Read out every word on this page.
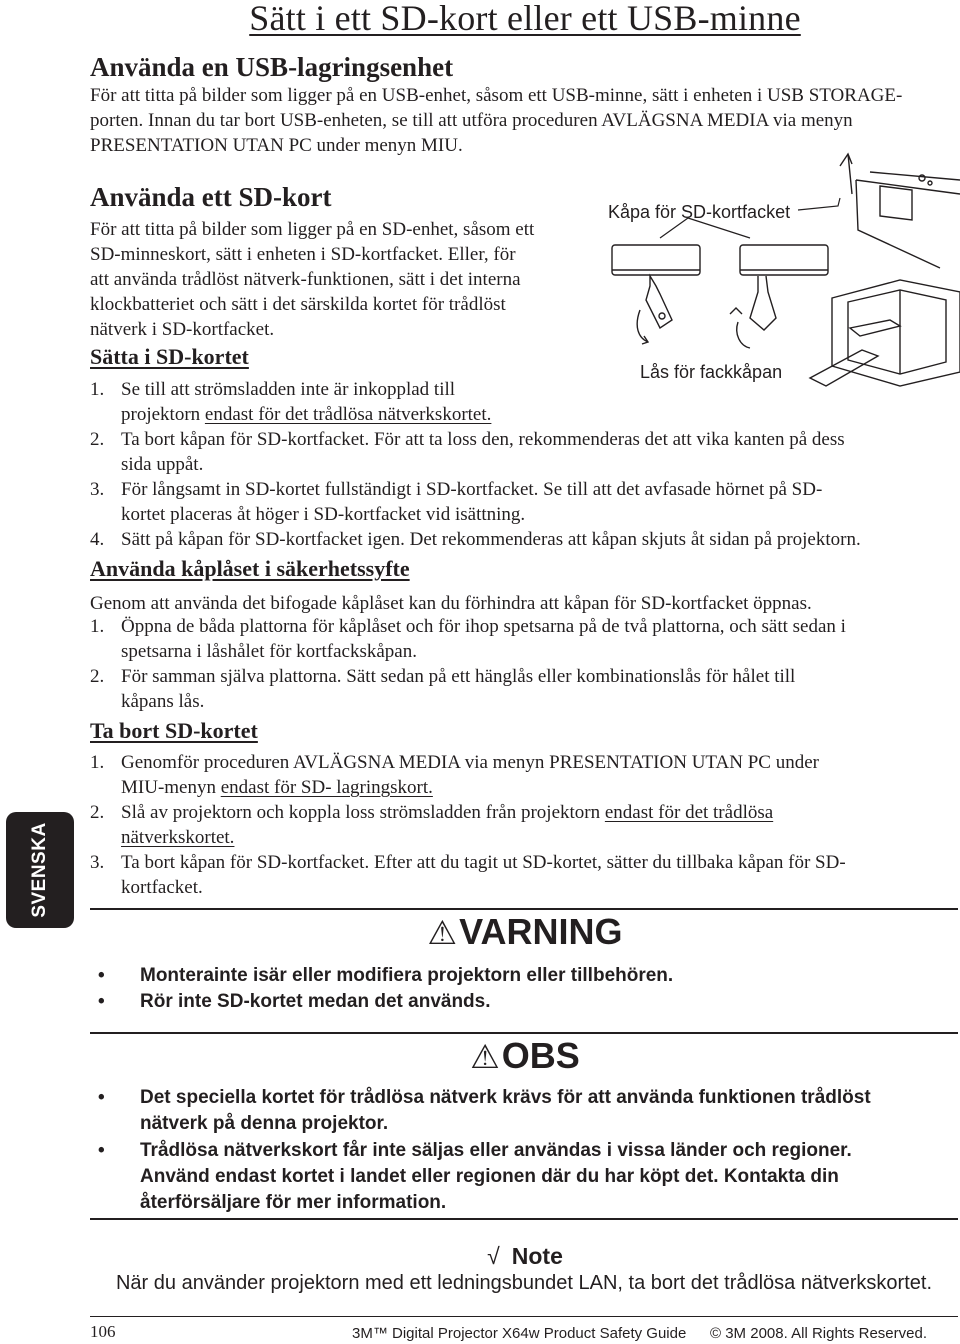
Sätt i ett SD-kort eller ett USB-minne
Använda en USB-lagringsenhet
För att titta på bilder som ligger på en USB-enhet, såsom ett USB-minne, sätt i enheten i USB STORAGE-
porten. Innan du tar bort USB-enheten, se till att utföra proceduren AVLÄGSNA MEDIA via menyn
PRESENTATION UTAN PC under menyn MIU.
Använda ett SD-kort
För att titta på bilder som ligger på en SD-enhet, såsom ett
SD-minneskort, sätt i enheten i SD-kortfacket. Eller, för
att använda trådlöst nätverk-funktionen, sätt i det interna
klockbatteriet och sätt i det särskilda kortet för trådlöst
nätverk i SD-kortfacket.
Kåpa för SD-kortfacket
Lås för fackkåpan
Sätta i SD-kortet
1. Se till att strömsladden inte är inkopplad till
projektorn endast för det trådlösa nätverkskortet.
2. Ta bort kåpan för SD-kortfacket. För att ta loss den, rekommenderas det att vika kanten på dess
sida uppåt.
3. För långsamt in SD-kortet fullständigt i SD-kortfacket. Se till att det avfasade hörnet på SD-
kortet placeras åt höger i SD-kortfacket vid isättning.
4. Sätt på kåpan för SD-kortfacket igen. Det rekommenderas att kåpan skjuts åt sidan på projektorn.
Använda kåplåset i säkerhetssyfte
Genom att använda det bifogade kåplåset kan du förhindra att kåpan för SD-kortfacket öppnas.
1. Öppna de båda plattorna för kåplåset och för ihop spetsarna på de två plattorna, och sätt sedan i
spetsarna i låshålet för kortfackskåpan.
2. För samman själva plattorna. Sätt sedan på ett hänglås eller kombinationslås för hålet till
kåpans lås.
Ta bort SD-kortet
1. Genomför proceduren AVLÄGSNA MEDIA via menyn PRESENTATION UTAN PC under
MIU-menyn endast för SD- lagringskort.
2. Slå av projektorn och koppla loss strömsladden från projektorn endast för det trådlösa
nätverkskortet.
3. Ta bort kåpan för SD-kortfacket. Efter att du tagit ut SD-kortet, sätter du tillbaka kåpan för SD-
kortfacket.
SVENSKA
⚠VARNING
• Monterainte isär eller modifiera projektorn eller tillbehören.
• Rör inte SD-kortet medan det används.
⚠OBS
• Det speciella kortet för trådlösa nätverk krävs för att använda funktionen trådlöst
nätverk på denna projektor.
• Trådlösa nätverkskort får inte säljas eller användas i vissa länder och regioner.
Använd endast kortet i landet eller regionen där du har köpt det. Kontakta din
återförsäljare för mer information.
√ Note
När du använder projektorn med ett ledningsbundet LAN, ta bort det trådlösa nätverkskortet.
106	3M™ Digital Projector X64w Product Safety Guide © 3M 2008. All Rights Reserved.
